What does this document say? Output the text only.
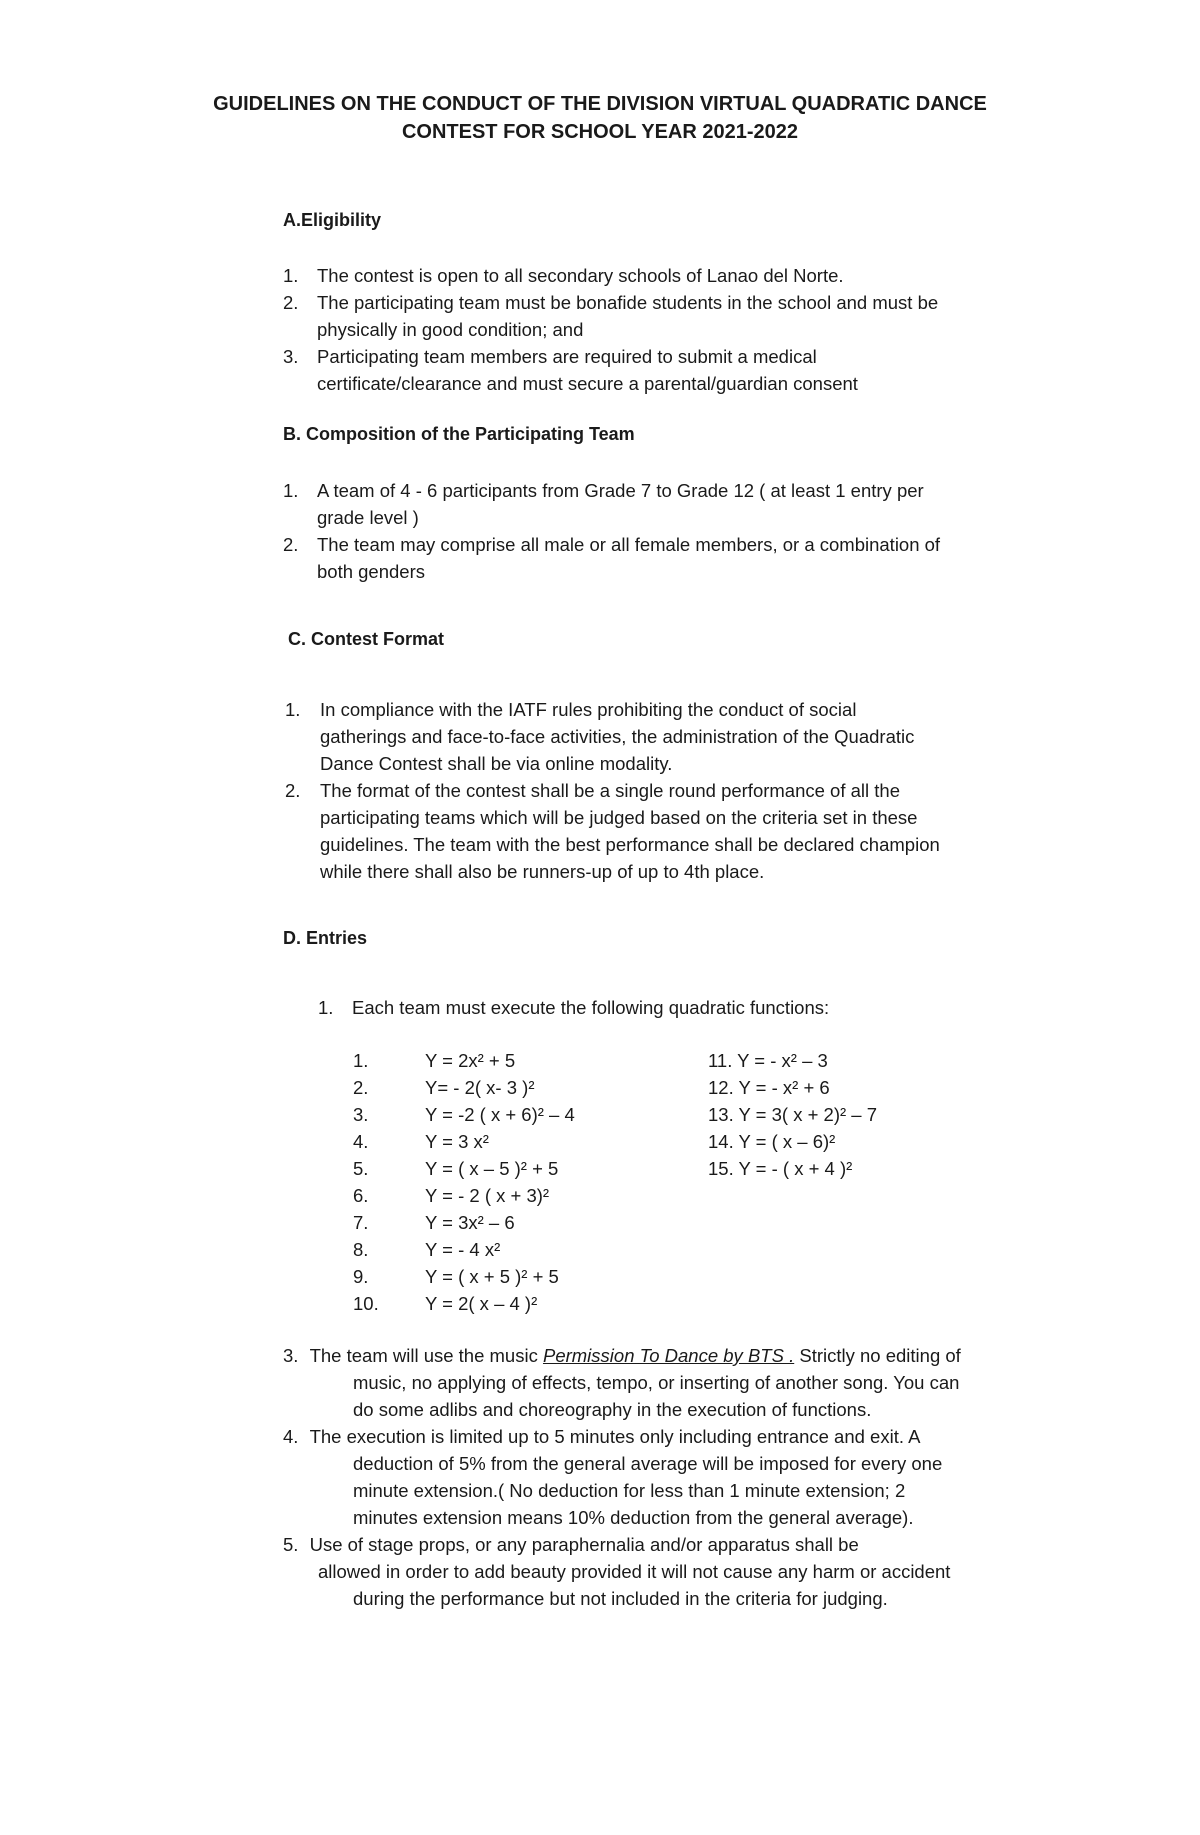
GUIDELINES ON THE CONDUCT OF THE DIVISION VIRTUAL QUADRATIC DANCE
CONTEST FOR SCHOOL YEAR 2021-2022
A.Eligibility
1. The contest is open to all secondary schools of Lanao del Norte.
2. The participating team must be bonafide students in the school and must be
physically in good condition; and
3. Participating team members are required to submit a medical
certificate/clearance and must secure a parental/guardian consent
B. Composition of the Participating Team
1. A team of 4 - 6 participants from Grade 7 to Grade 12 ( at least 1 entry per
grade level )
2. The team may comprise all male or all female members, or a combination of
both genders
C. Contest Format
1. In compliance with the IATF rules prohibiting the conduct of social
gatherings and face-to-face activities, the administration of the Quadratic
Dance Contest shall be via online modality.
2. The format of the contest shall be a single round performance of all the
participating teams which will be judged based on the criteria set in these
guidelines. The team with the best performance shall be declared champion
while there shall also be runners-up of up to 4th place.
D. Entries
1. Each team must execute the following quadratic functions:
1.	Y = 2x² + 5
2.	Y= - 2( x- 3 )²
3.	Y = -2 ( x + 6)² – 4
4.	Y = 3 x²
5.	Y = ( x – 5 )² + 5
6.	Y = - 2 ( x + 3)²
7.	Y = 3x² – 6
8.	Y = - 4 x²
9.	Y = ( x + 5 )² + 5
10.	Y = 2( x – 4 )²
11. Y = - x² – 3
12. Y = - x² + 6
13. Y = 3( x + 2)² – 7
14. Y = ( x – 6)²
15. Y = - ( x + 4 )²
3. The team will use the music Permission To Dance by BTS . Strictly no editing of
music, no applying of effects, tempo, or inserting of another song. You can
do some adlibs and choreography in the execution of functions.
4. The execution is limited up to 5 minutes only including entrance and exit. A
deduction of 5% from the general average will be imposed for every one
minute extension.( No deduction for less than 1 minute extension; 2
minutes extension means 10% deduction from the general average).
5. Use of stage props, or any paraphernalia and/or apparatus shall be
allowed in order to add beauty provided it will not cause any harm or accident
during the performance but not included in the criteria for judging.
